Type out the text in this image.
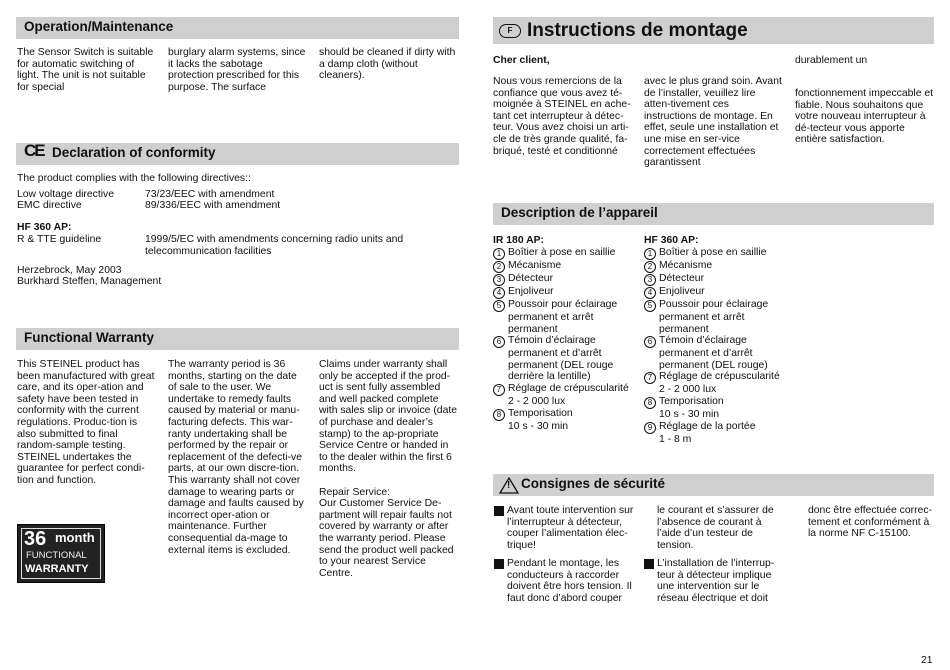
Operation/Maintenance
The Sensor Switch is suitable for automatic switching of light. The unit is not suitable for special
burglary alarm systems, since it lacks the sabotage protection prescribed for this purpose. The surface
should be cleaned if dirty with a damp cloth (without cleaners).
CE Declaration of conformity
The product complies with the following directives::
Low voltage directive	73/23/EEC with amendment
EMC directive	89/336/EEC with amendment
HF 360 AP:
R & TTE guideline	1999/5/EC with amendments concerning radio units and telecommunication facilities
Herzebrock, May 2003
Burkhard Steffen, Management
Functional Warranty
This STEINEL product has been manufactured with great care, and its oper-ation and safety have been tested in conformity with the current regulations. Produc-tion is also submitted to final random-sample testing. STEINEL undertakes the guarantee for perfect condi-tion and function.

The warranty period is 36 months, starting on the date of sale to the user. We undertake to remedy faults caused by material or manu-facturing defects. This war-ranty undertaking shall be performed by the repair or replacement of the defecti-ve parts, at our own discre-tion.

This warranty shall not cover damage to wearing parts or damage and faults caused by incorrect oper-ation or maintenance. Further consequential da-mage to external items is excluded.

Claims under warranty shall only be accepted if the prod-uct is sent fully assembled and well packed complete with sales slip or invoice (date of purchase and dealer’s stamp) to the ap-propriate Service Centre or handed in to the dealer within the first 6 months.

Repair Service:

Our Customer Service De-partment will repair faults not covered by warranty or after the warranty period. Please send the product well packed to your nearest Service Centre.

36 month
FUNCTIONAL
WARRANTY
F Instructions de montage
Cher client,
Nous vous remercions de la confiance que vous avez té-moignée à STEINEL en ache-tant cet interrupteur à détec-teur. Vous avez choisi un arti-cle de très grande qualité, fa-briqué, testé et conditionné
avec le plus grand soin. Avant de l’installer, veuillez lire atten-tivement ces instructions de montage. En effet, seule une installation et une mise en ser-vice correctement effectuées garantissent
durablement un
fonctionnement impeccable et fiable. Nous souhaitons que votre nouveau interrupteur à dé-tecteur vous apporte entière satisfaction.
Description de l’appareil
IR 180 AP:
1 Boîtier à pose en saillie
2 Mécanisme
3 Détecteur
4 Enjoliveur
5 Poussoir pour éclairage
permanent et arrêt
permanent
6 Témoin d’éclairage
permanent et d’arrêt
permanent (DEL rouge
derrière la lentille)
7 Réglage de crépuscularité
2 - 2 000 lux
8 Temporisation
10 s - 30 min
HF 360 AP:
1 Boîtier à pose en saillie
2 Mécanisme
3 Détecteur
4 Enjoliveur
5 Poussoir pour éclairage
permanent et arrêt
permanent
6 Témoin d’éclairage
permanent et d’arrêt
permanent (DEL rouge)
7 Réglage de crépuscularité
2 - 2 000 lux
8 Temporisation
10 s - 30 min
9 Réglage de la portée
1 - 8 m
! Consignes de sécurité
Avant toute intervention sur l’interrupteur à détecteur, couper l’alimentation élec-trique!
Pendant le montage, les conducteurs à raccorder doivent être hors tension. Il faut donc d’abord couper
le courant et s’assurer de l’absence de courant à l’aide d’un testeur de tension.
L’installation de l’interrup-teur à détecteur implique une intervention sur le réseau électrique et doit
donc être effectuée correc-tement et conformément à la norme NF C-15100.
21
